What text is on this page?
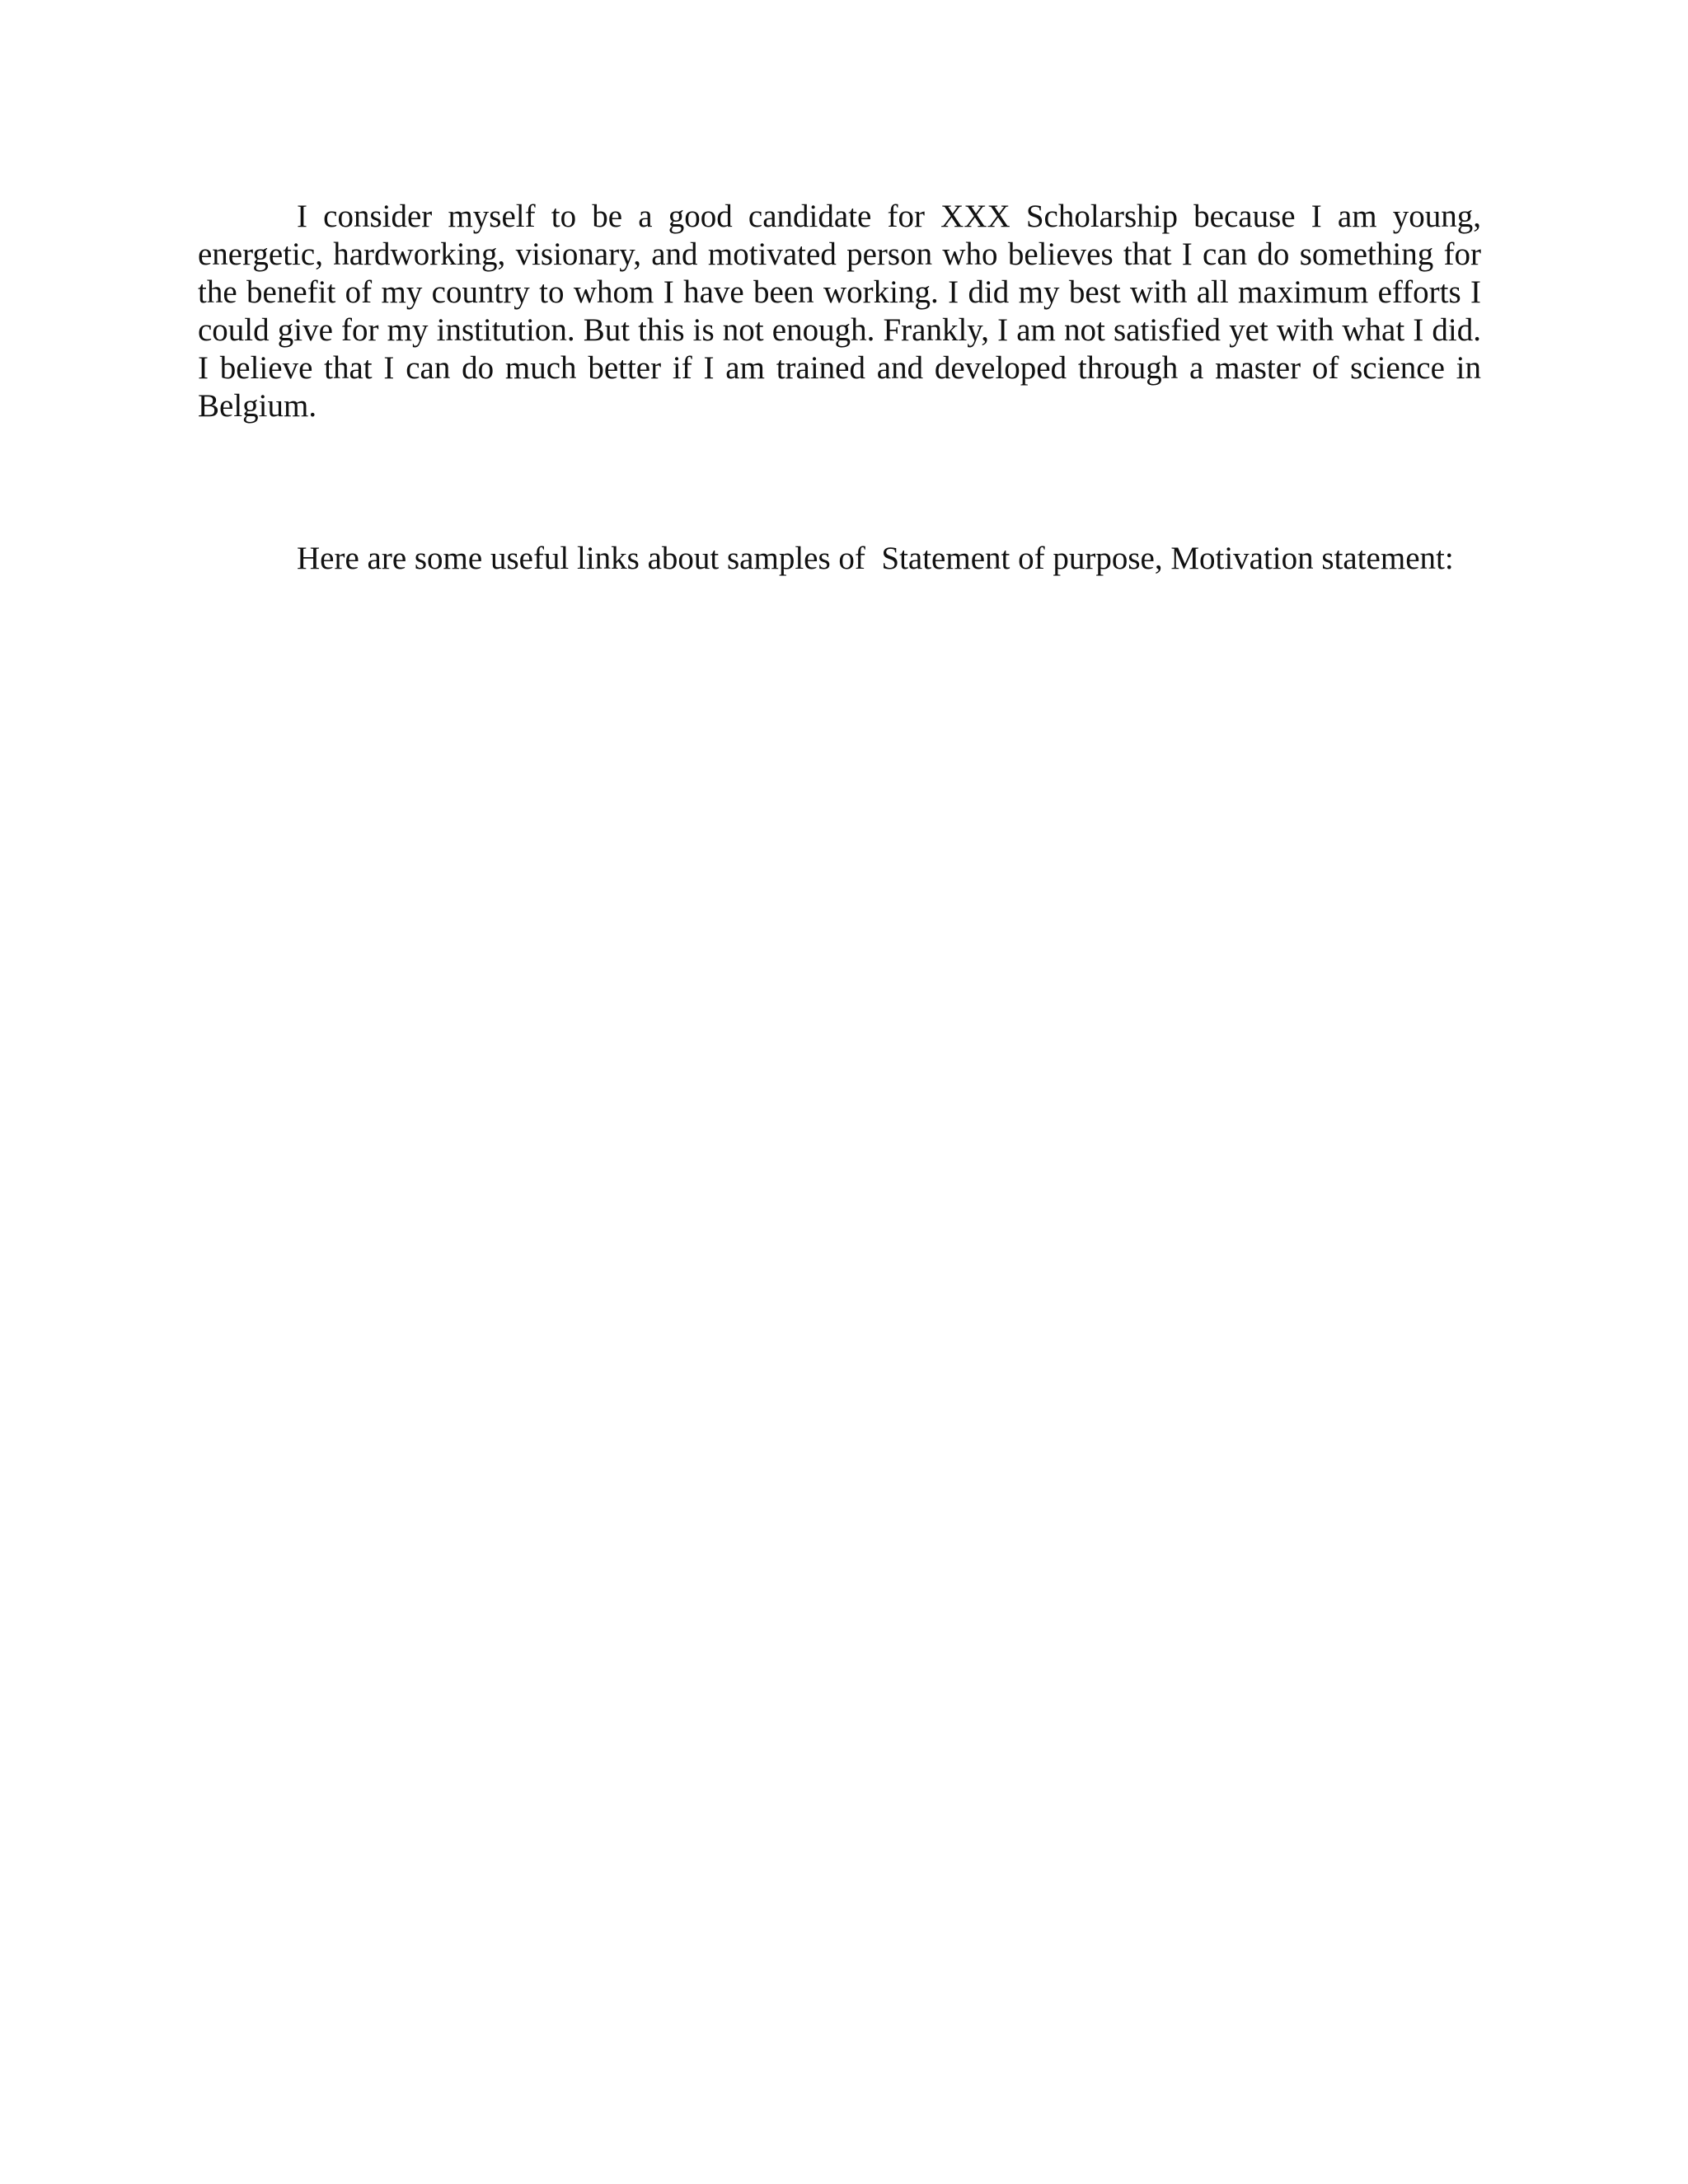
I consider myself to be a good candidate for XXX Scholarship because I am young, energetic, hardworking, visionary, and motivated person who believes that I can do something for the benefit of my country to whom I have been working. I did my best with all maximum efforts I could give for my institution. But this is not enough. Frankly, I am not satisfied yet with what I did. I believe that I can do much better if I am trained and developed through a master of science in Belgium.

Here are some useful links about samples of  Statement of purpose, Motivation statement:
